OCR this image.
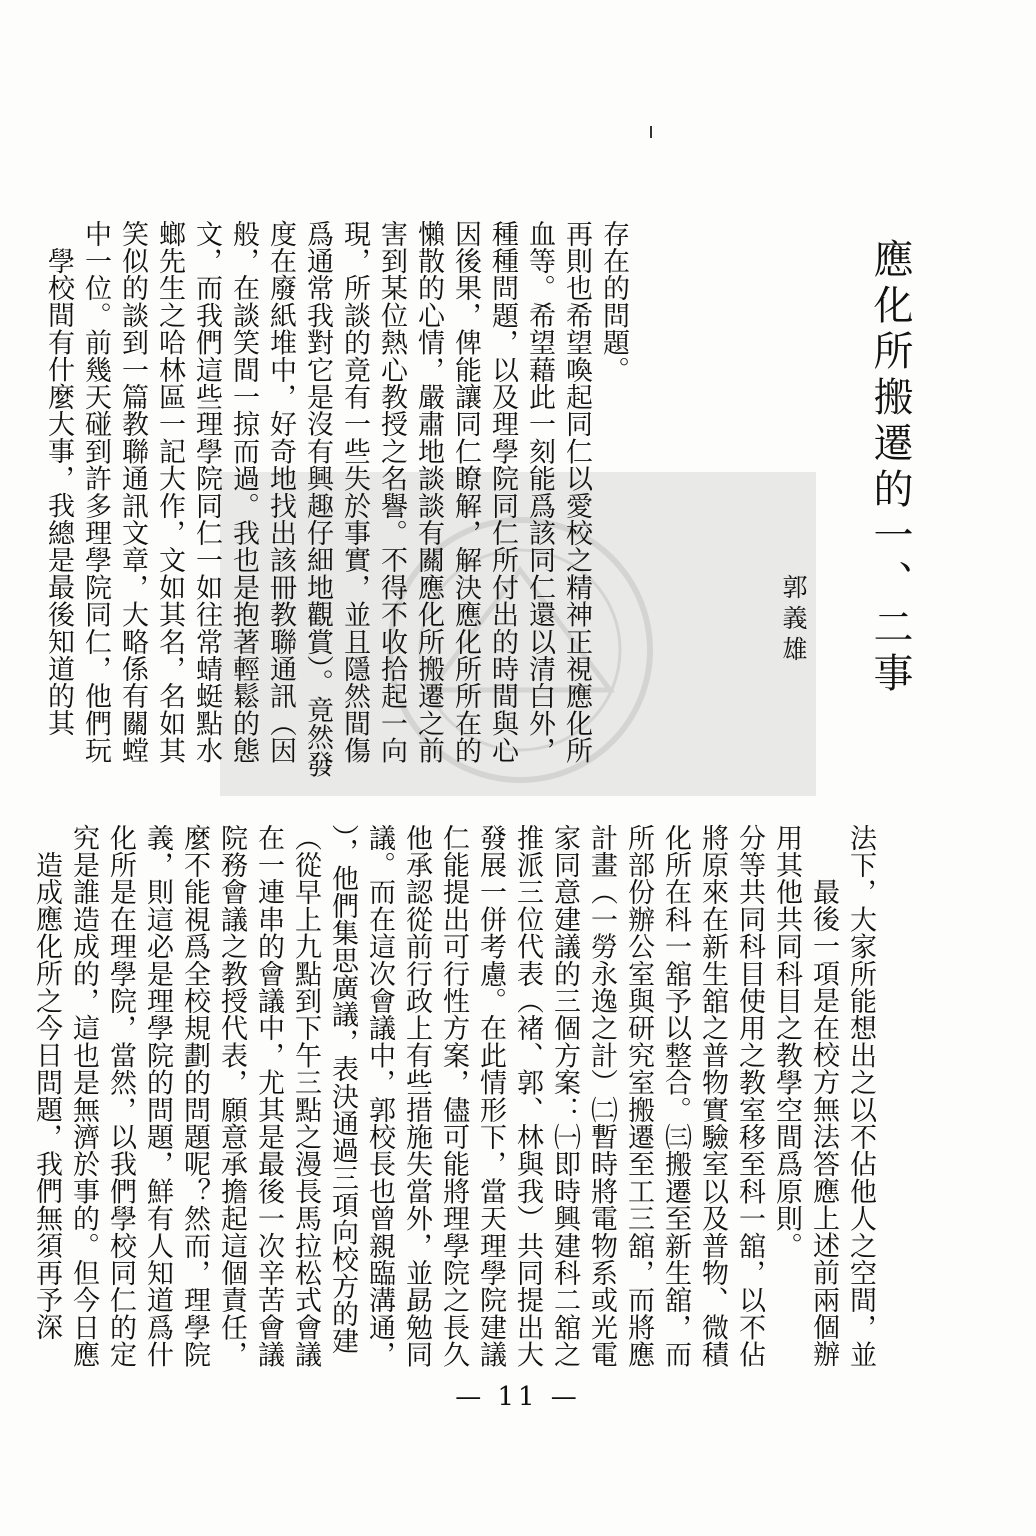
應化所搬遷的一、二事
郭義雄
存在的問題。
再則也希望喚起同仁以愛校之精神正視應化所
血等。希望藉此一刻能爲該同仁還以清白外，
種種問題，以及理學院同仁所付出的時間與心
因後果，俾能讓同仁瞭解，解決應化所所在的
懶散的心情，嚴肅地談談有關應化所搬遷之前
害到某位熱心教授之名譽。不得不收拾起一向
現，所談的竟有一些失於事實，並且隱然間傷
爲通常我對它是沒有興趣仔細地觀賞）。竟然發
度在廢紙堆中，好奇地找出該冊教聯通訊（因
般，在談笑間一掠而過。我也是抱著輕鬆的態
文，而我們這些理學院同仁一如往常蜻蜓點水
螂先生之哈林區一記大作，文如其名，名如其
笑似的談到一篇教聯通訊文章，大略係有關螳
中一位。前幾天碰到許多理學院同仁，他們玩
學校間有什麼大事，我總是最後知道的其
法下，大家所能想出之以不佔他人之空間，並
最後一項是在校方無法答應上述前兩個辦
用其他共同科目之教學空間爲原則。
分等共同科目使用之教室移至科一舘，以不佔
將原來在新生舘之普物實驗室以及普物、微積
化所在科一舘予以整合。㈢搬遷至新生舘，而
所部份辦公室與研究室搬遷至工三舘，而將應
計畫（一勞永逸之計）㈡暫時將電物系或光電
家同意建議的三個方案：㈠即時興建科二舘之
推派三位代表（褚、郭、林與我）共同提出大
發展一併考慮。在此情形下，當天理學院建議
仁能提出可行性方案，儘可能將理學院之長久
他承認從前行政上有些措施失當外，並勗勉同
議。而在這次會議中，郭校長也曾親臨溝通，
），他們集思廣議，表決通過三項向校方的建
（從早上九點到下午三點之漫長馬拉松式會議
在一連串的會議中，尤其是最後一次辛苦會議
院務會議之教授代表，願意承擔起這個責任，
麼不能視爲全校規劃的問題呢？然而，理學院
義，則這必是理學院的問題，鮮有人知道爲什
化所是在理學院，當然，以我們學校同仁的定
究是誰造成的，這也是無濟於事的。但今日應
造成應化所之今日問題，我們無須再予深
— 11 —
